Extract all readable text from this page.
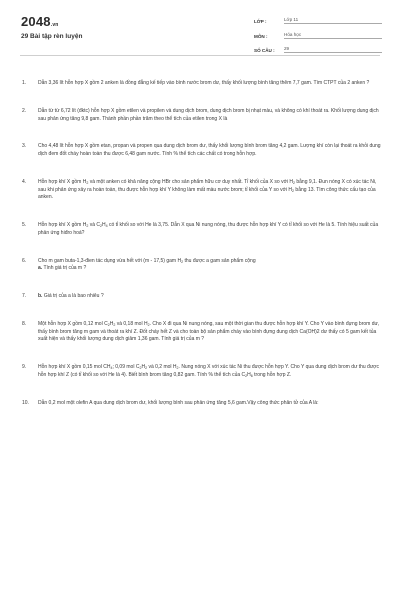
2048.vn
29 Bài tập rèn luyện
LỚP :	Lớp 11
MÔN :	Hóa học
SỐ CÂU :	29
1.	Dẫn 3,36 lít hỗn hợp X gồm 2 anken là đồng đẳng kế tiếp vào bình nước brom dư, thấy khối lượng bình tăng thêm 7,7 gam. Tìm CTPT của 2 anken ?
2.	Dẫn từ từ 6,72 lít (đktc) hỗn hợp X gồm etilen và propilen và dung dịch brom, dung dịch brom bị nhạt màu, và không có khí thoát ra. Khối lượng dung dịch sau phản ứng tăng 9,8 gam. Thành phần phần trăm theo thể tích của etilen trong X là
3.	Cho 4,48 lít hỗn hợp X gồm etan, propan và propen qua dung dịch brom dư, thấy khối lượng bình brom tăng 4,2 gam. Lượng khí còn lại thoát ra khỏi dung dịch đem đốt cháy hoàn toàn thu được 6,48 gam nước. Tính % thể tích các chất có trong hỗn hợp.
4.	Hỗn hợp khí X gồm $H_2$ và một anken có khả năng cộng HBr cho sản phẩm hữu cơ duy nhất. Tỉ khối của X so với $H_2$ bằng 9,1. Đun nóng X có xúc tác Ni, sau khi phản ứng xảy ra hoàn toàn, thu được hỗn hợp khí Y không làm mất màu nước brom; tỉ khối của Y so với $H_2$ bằng 13. Tìm công thức cấu tạo của anken.
5.	Hỗn hợp khí X gồm $H_2$ và $C_2H_4$ có tỉ khối so với He là 3,75. Dẫn X qua Ni nung nóng, thu được hỗn hợp khí Y có tỉ khối so với He là 5. Tính hiệu suất của phản ứng hiđro hoá?
6.	Cho m gam buta-1,3-đien tác dụng vừa hết với (m - 17,5) gam $H_2$ thu được a gam sản phẩm cộng

a. Tính giá trị của m ?

7.	b. Giá trị của a là bao nhiêu ?
8.	Một hỗn hợp X gồm 0,12 mol $C_2H_2$ và 0,18 mol $H_2$. Cho X đi qua Ni nung nóng, sau một thời gian thu được hỗn hợp khí Y. Cho Y vào bình đựng brom dư, thấy bình brom tăng m gam và thoát ra khí Z. Đốt cháy hết Z và cho toàn bộ sản phẩm cháy vào bình đựng dung dịch Ca(OH)2 dư thấy có 5 gam kết tủa xuất hiện và thấy khối lượng dung dịch giảm 1,36 gam. Tính giá trị của m ?
9.	Hỗn hợp khí X gồm 0,15 mol $CH_4$; 0,09 mol $C_2H_2$ và 0,2 mol $H_2$. Nung nóng X với xúc tác Ni thu được hỗn hợp Y. Cho Y qua dung dịch brom dư thu được hỗn hợp khí Z (có tỉ khối so với He là 4). Biết bình brom tăng 0,82 gam. Tính % thể tích của $C_2H_6$ trong hỗn hợp Z.
10.	Dẫn 0,2 mol một olefin A qua dung dịch brom dư, khối lượng bình sau phản ứng tăng 5,6 gam.Vậy công thức phân tử của A là:
